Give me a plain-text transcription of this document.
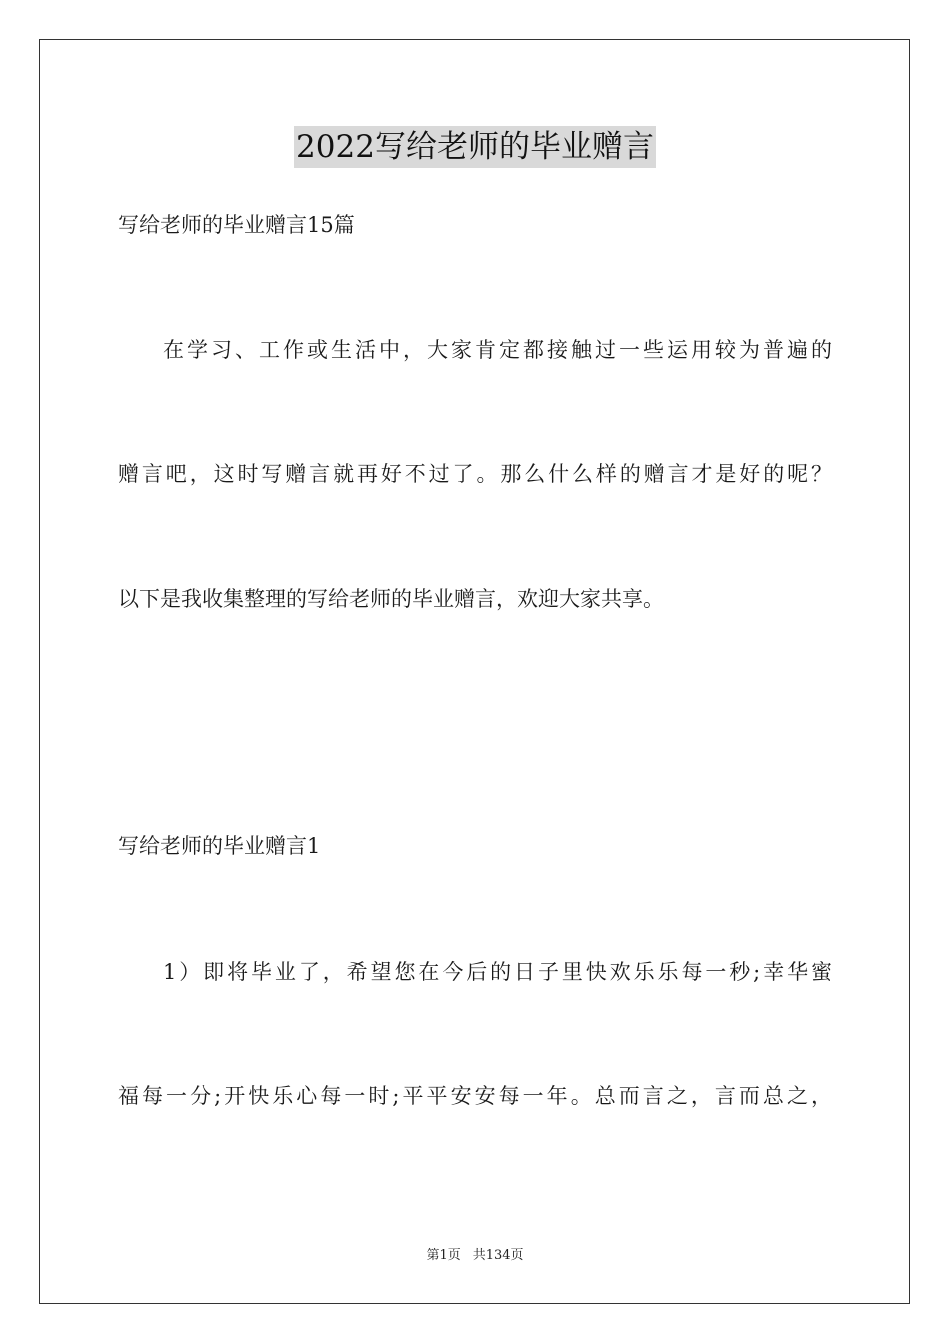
2022写给老师的毕业赠言
写给老师的毕业赠言15篇
在学习、工作或生活中，大家肯定都接触过一些运用较为普遍的
赠言吧，这时写赠言就再好不过了。那么什么样的赠言才是好的呢？
以下是我收集整理的写给老师的毕业赠言，欢迎大家共享。
写给老师的毕业赠言1
1）即将毕业了，希望您在今后的日子里快欢乐乐每一秒;幸华蜜
福每一分;开快乐心每一时;平平安安每一年。总而言之，言而总之，
第1页 共134页
